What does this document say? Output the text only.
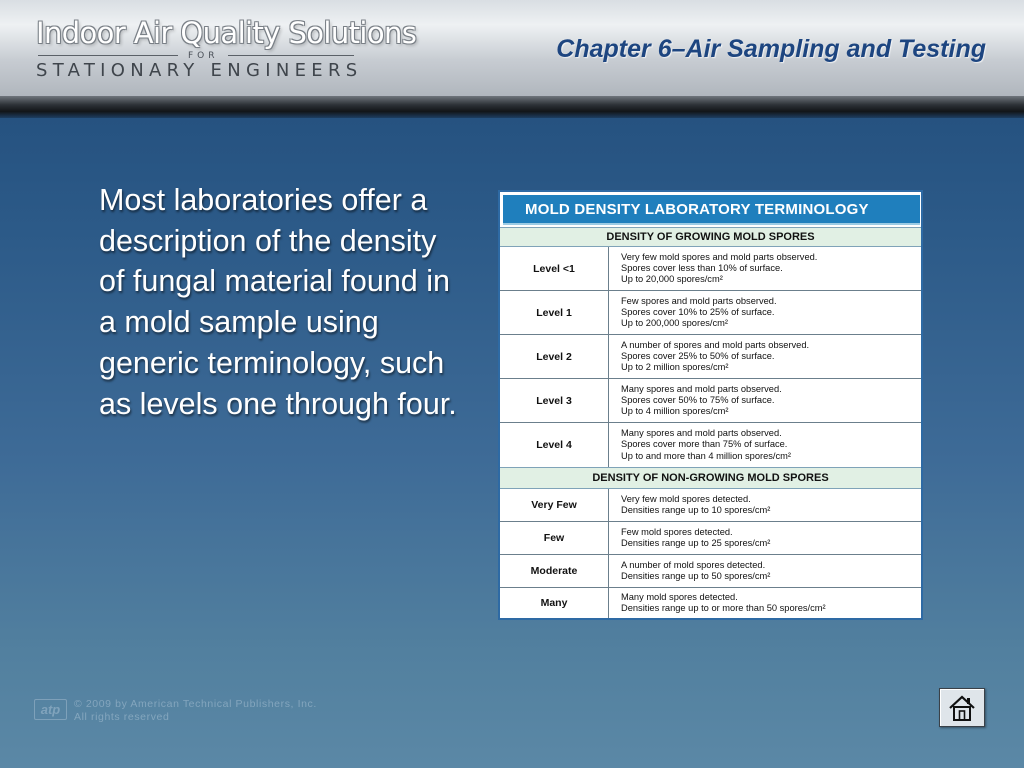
Indoor Air Quality Solutions
FOR
STATIONARY ENGINEERS
Chapter 6–Air Sampling and Testing
Most laboratories offer a description of the density of fungal material found in a mold sample using generic terminology, such as levels one through four.
MOLD DENSITY LABORATORY TERMINOLOGY
DENSITY OF GROWING MOLD SPORES
Level <1
Very few mold spores and mold parts observed.
Spores cover less than 10% of surface.
Up to 20,000 spores/cm²
Level 1
Few spores and mold parts observed.
Spores cover 10% to 25% of surface.
Up to 200,000 spores/cm²
Level 2
A number of spores and mold parts observed.
Spores cover 25% to 50% of surface.
Up to 2 million spores/cm²
Level 3
Many spores and mold parts observed.
Spores cover 50% to 75% of surface.
Up to 4 million spores/cm²
Level 4
Many spores and mold parts observed.
Spores cover more than 75% of surface.
Up to and more than 4 million spores/cm²
DENSITY OF NON-GROWING MOLD SPORES
Very Few
Very few mold spores detected.
Densities range up to 10 spores/cm²
Few
Few mold spores detected.
Densities range up to 25 spores/cm²
Moderate
A number of mold spores detected.
Densities range up to 50 spores/cm²
Many
Many mold spores detected.
Densities range up to or more than 50 spores/cm²
atp	© 2009 by American Technical Publishers, Inc.
All rights reserved
